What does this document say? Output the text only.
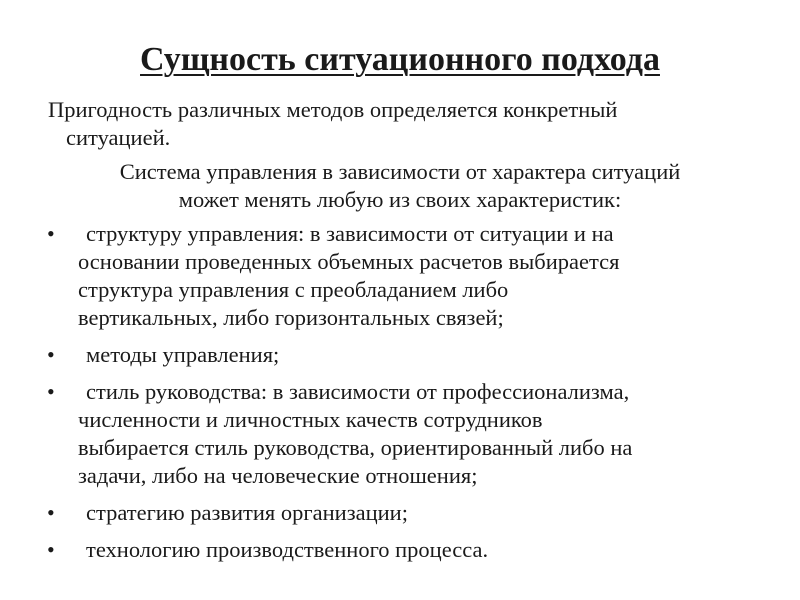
Сущность ситуационного подхода

Пригодность различных методов определяется конкретный
ситуацией.

Система управления в зависимости от характера ситуаций
может менять любую из своих характеристик:

•	структуру управления: в зависимости от ситуации и на
основании проведенных объемных расчетов выбирается
структура управления с преобладанием либо
вертикальных, либо горизонтальных связей;
•	методы управления;
•	стиль руководства: в зависимости от профессионализма,
численности и личностных качеств сотрудников
выбирается стиль руководства, ориентированный либо на
задачи, либо на человеческие отношения;
•	стратегию развития организации;
•	технологию производственного процесса.
